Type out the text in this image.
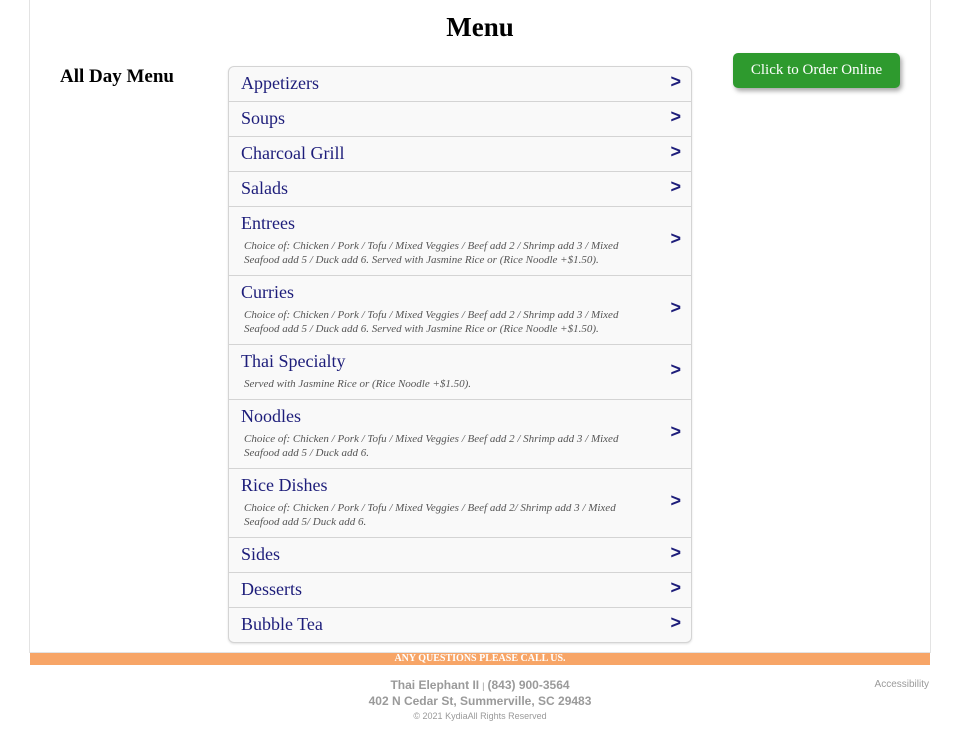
Menu
All Day Menu	Appetizers	>
Soups	>
Charcoal Grill	>
Salads	>
Entrees
Choice of: Chicken / Pork / Tofu / Mixed Veggies / Beef add 2 / Shrimp add 3 / Mixed Seafood add 5 / Duck add 6. Served with Jasmine Rice or (Rice Noodle +$1.50).
>
Curries
Choice of: Chicken / Pork / Tofu / Mixed Veggies / Beef add 2 / Shrimp add 3 / Mixed Seafood add 5 / Duck add 6. Served with Jasmine Rice or (Rice Noodle +$1.50).
>
Thai Specialty
Served with Jasmine Rice or (Rice Noodle +$1.50).
>
Noodles
Choice of: Chicken / Pork / Tofu / Mixed Veggies / Beef add 2 / Shrimp add 3 / Mixed Seafood add 5 / Duck add 6.
>
Rice Dishes
Choice of: Chicken / Pork / Tofu / Mixed Veggies / Beef add 2/ Shrimp add 3 / Mixed Seafood add 5/ Duck add 6.
>
Sides	>
Desserts	>
Bubble Tea	>
Click to Order Online
ANY QUESTIONS PLEASE CALL US.
Thai Elephant II | (843) 900-3564
402 N Cedar St, Summerville, SC 29483
© 2021 KydiaAll Rights Reserved
Accessibility
